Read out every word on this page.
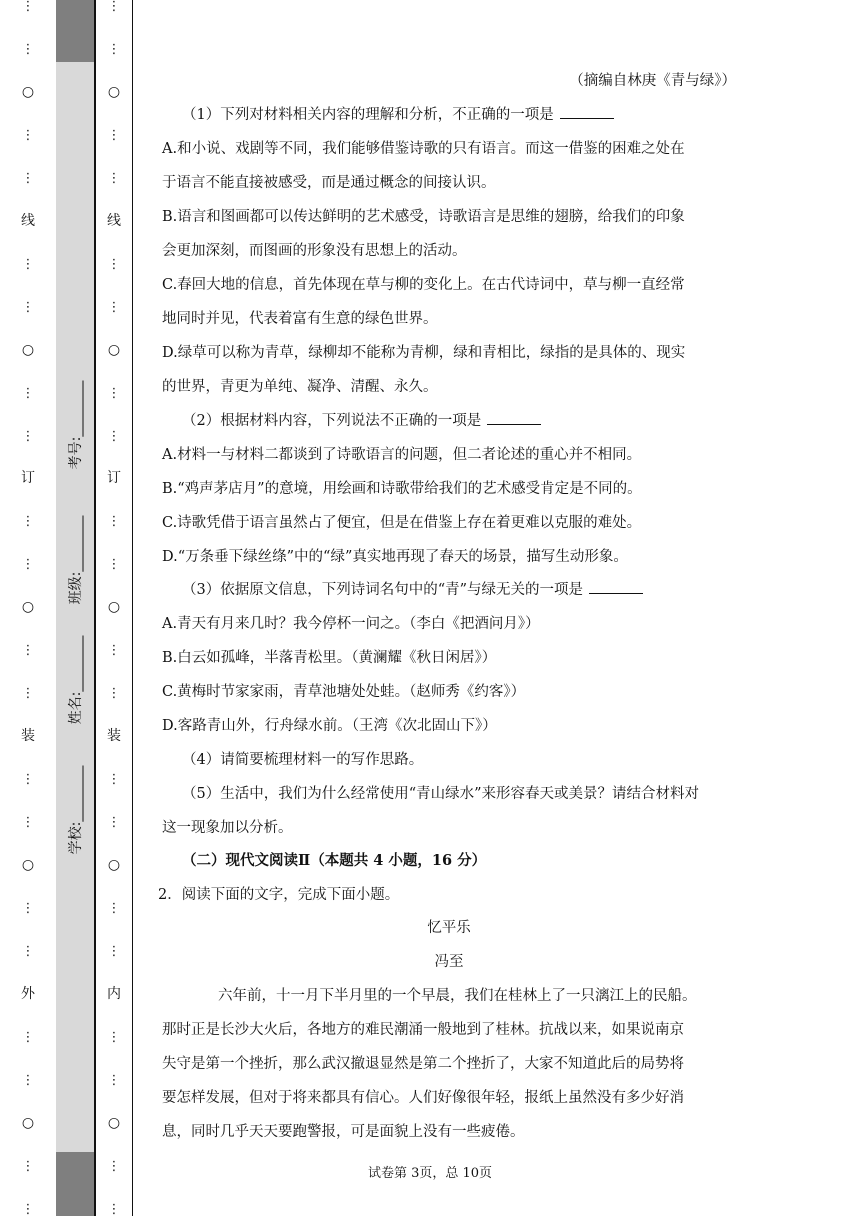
⋮
⋮
○
⋮
⋮
线
⋮
⋮
○
⋮
⋮
订
⋮
⋮
○
⋮
⋮
装
⋮
⋮
○
⋮
⋮
外
⋮
⋮
○
⋮
⋮
学校:________
姓名:________
班级:________
考号:________
⋮
⋮
○
⋮
⋮
线
⋮
⋮
○
⋮
⋮
订
⋮
⋮
○
⋮
⋮
装
⋮
⋮
○
⋮
⋮
内
⋮
⋮
○
⋮
⋮
（摘编自林庚《青与绿》）
（1）下列对材料相关内容的理解和分析，不正确的一项是
A.和小说、戏剧等不同，我们能够借鉴诗歌的只有语言。而这一借鉴的困难之处在
于语言不能直接被感受，而是通过概念的间接认识。
B.语言和图画都可以传达鲜明的艺术感受，诗歌语言是思维的翅膀，给我们的印象
会更加深刻，而图画的形象没有思想上的活动。
C.春回大地的信息，首先体现在草与柳的变化上。在古代诗词中，草与柳一直经常
地同时并见，代表着富有生意的绿色世界。
D.绿草可以称为青草，绿柳却不能称为青柳，绿和青相比，绿指的是具体的、现实
的世界，青更为单纯、凝净、清醒、永久。
（2）根据材料内容，下列说法不正确的一项是
A.材料一与材料二都谈到了诗歌语言的问题，但二者论述的重心并不相同。
B.“鸡声茅店月”的意境，用绘画和诗歌带给我们的艺术感受肯定是不同的。
C.诗歌凭借于语言虽然占了便宜，但是在借鉴上存在着更难以克服的难处。
D.“万条垂下绿丝绦”中的“绿”真实地再现了春天的场景，描写生动形象。
（3）依据原文信息，下列诗词名句中的“青”与绿无关的一项是
A.青天有月来几时？我今停杯一问之。（李白《把酒问月》）
B.白云如孤峰，半落青松里。（黄澜耀《秋日闲居》）
C.黄梅时节家家雨，青草池塘处处蛙。（赵师秀《约客》）
D.客路青山外，行舟绿水前。（王湾《次北固山下》）
（4）请简要梳理材料一的写作思路。
（5）生活中，我们为什么经常使用“青山绿水”来形容春天或美景？请结合材料对
这一现象加以分析。
（二）现代文阅读Ⅱ（本题共 4 小题，16 分）
2．阅读下面的文字，完成下面小题。
忆平乐
冯至
六年前，十一月下半月里的一个早晨，我们在桂林上了一只漓江上的民船。
那时正是长沙大火后，各地方的难民潮涌一般地到了桂林。抗战以来，如果说南京
失守是第一个挫折，那么武汉撤退显然是第二个挫折了，大家不知道此后的局势将
要怎样发展，但对于将来都具有信心。人们好像很年轻，报纸上虽然没有多少好消
息，同时几乎天天要跑警报，可是面貌上没有一些疲倦。
试卷第 3页，总 10页
